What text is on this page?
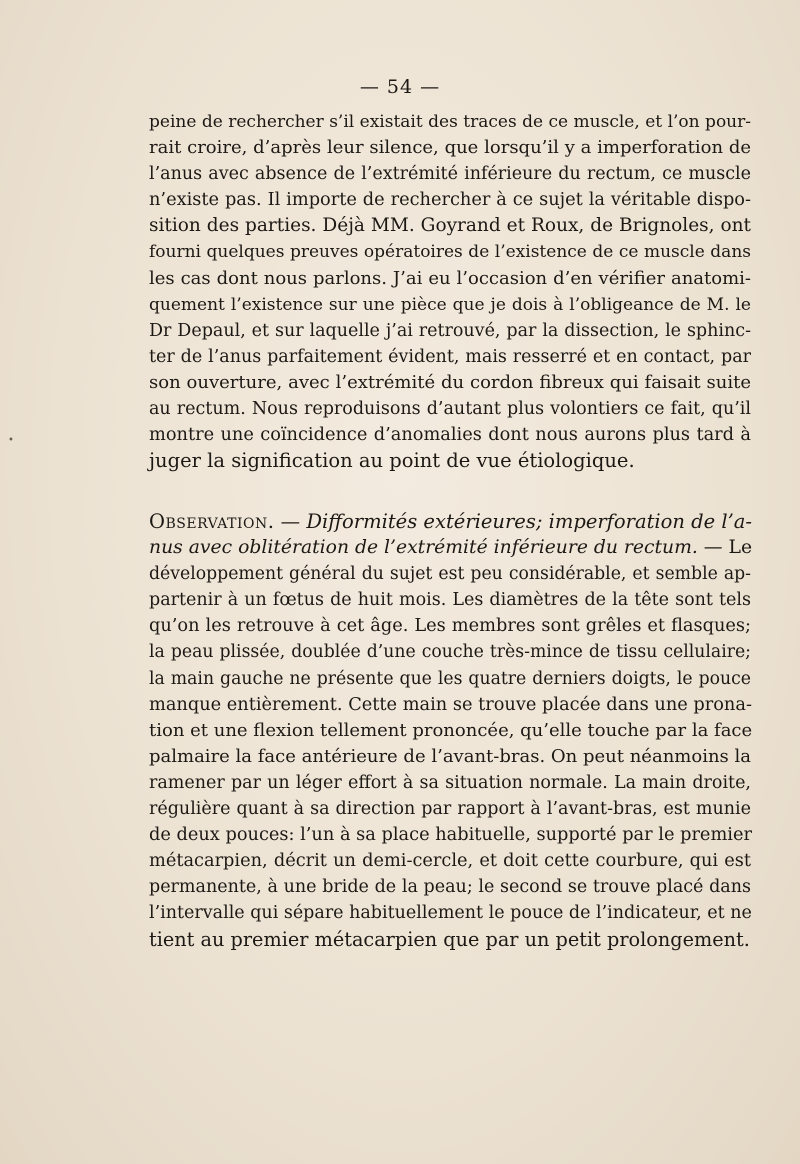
— 54 —
•
peine de rechercher s’il existait des traces de ce muscle, et l’on pour-
rait croire, d’après leur silence, que lorsqu’il y a imperforation de
l’anus avec absence de l’extrémité inférieure du rectum, ce muscle
n’existe pas. Il importe de rechercher à ce sujet la véritable dispo-
sition des parties. Déjà MM. Goyrand et Roux, de Brignoles, ont
fourni quelques preuves opératoires de l’existence de ce muscle dans
les cas dont nous parlons. J’ai eu l’occasion d’en vérifier anatomi-
quement l’existence sur une pièce que je dois à l’obligeance de M. le
Dr Depaul, et sur laquelle j’ai retrouvé, par la dissection, le sphinc-
ter de l’anus parfaitement évident, mais resserré et en contact, par
son ouverture, avec l’extrémité du cordon fibreux qui faisait suite
au rectum. Nous reproduisons d’autant plus volontiers ce fait, qu’il
montre une coïncidence d’anomalies dont nous aurons plus tard à
juger la signification au point de vue étiologique.
Observation. — Difformités extérieures; imperforation de l’a-
nus avec oblitération de l’extrémité inférieure du rectum. — Le
développement général du sujet est peu considérable, et semble ap-
partenir à un fœtus de huit mois. Les diamètres de la tête sont tels
qu’on les retrouve à cet âge. Les membres sont grêles et flasques;
la peau plissée, doublée d’une couche très-mince de tissu cellulaire;
la main gauche ne présente que les quatre derniers doigts, le pouce
manque entièrement. Cette main se trouve placée dans une prona-
tion et une flexion tellement prononcée, qu’elle touche par la face
palmaire la face antérieure de l’avant-bras. On peut néanmoins la
ramener par un léger effort à sa situation normale. La main droite,
régulière quant à sa direction par rapport à l’avant-bras, est munie
de deux pouces: l’un à sa place habituelle, supporté par le premier
métacarpien, décrit un demi-cercle, et doit cette courbure, qui est
permanente, à une bride de la peau; le second se trouve placé dans
l’intervalle qui sépare habituellement le pouce de l’indicateur, et ne
tient au premier métacarpien que par un petit prolongement.
